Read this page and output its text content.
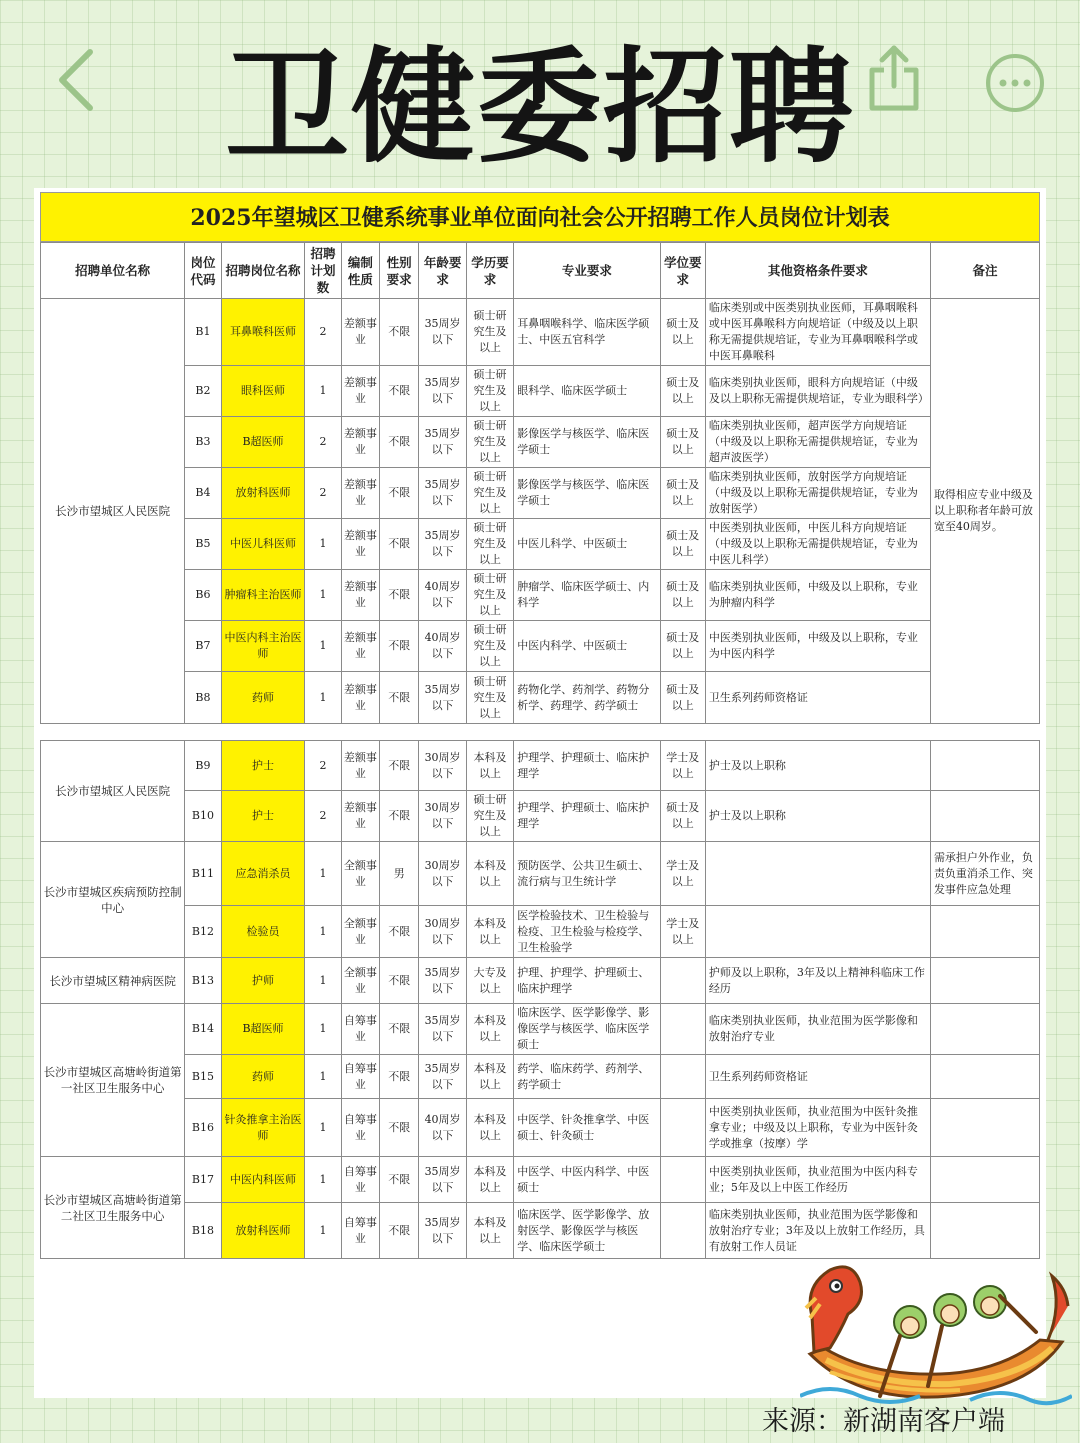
卫健委招聘
2025年望城区卫健系统事业单位面向社会公开招聘工作人员岗位计划表
招聘单位名称	岗位代码	招聘岗位名称	招聘计划数	编制性质	性别要求	年龄要求	学历要求	专业要求	学位要求	其他资格条件要求	备注
长沙市望城区人民医院	B1	耳鼻喉科医师	2	差额事业	不限	35周岁以下	硕士研究生及以上	耳鼻咽喉科学、临床医学硕士、中医五官科学	硕士及以上	临床类别或中医类别执业医师，耳鼻咽喉科或中医耳鼻喉科方向规培证（中级及以上职称无需提供规培证，专业为耳鼻咽喉科学或中医耳鼻喉科	取得相应专业中级及以上职称者年龄可放宽至40周岁。
	B2	眼科医师	1	差额事业	不限	35周岁以下	硕士研究生及以上	眼科学、临床医学硕士	硕士及以上	临床类别执业医师，眼科方向规培证（中级及以上职称无需提供规培证，专业为眼科学）	
	B3	B超医师	2	差额事业	不限	35周岁以下	硕士研究生及以上	影像医学与核医学、临床医学硕士	硕士及以上	临床类别执业医师，超声医学方向规培证（中级及以上职称无需提供规培证，专业为超声波医学）	
	B4	放射科医师	2	差额事业	不限	35周岁以下	硕士研究生及以上	影像医学与核医学、临床医学硕士	硕士及以上	临床类别执业医师，放射医学方向规培证（中级及以上职称无需提供规培证，专业为放射医学）	
	B5	中医儿科医师	1	差额事业	不限	35周岁以下	硕士研究生及以上	中医儿科学、中医硕士	硕士及以上	中医类别执业医师，中医儿科方向规培证（中级及以上职称无需提供规培证，专业为中医儿科学）	
	B6	肿瘤科主治医师	1	差额事业	不限	40周岁以下	硕士研究生及以上	肿瘤学、临床医学硕士、内科学	硕士及以上	临床类别执业医师，中级及以上职称，专业为肿瘤内科学	
	B7	中医内科主治医师	1	差额事业	不限	40周岁以下	硕士研究生及以上	中医内科学、中医硕士	硕士及以上	中医类别执业医师，中级及以上职称，专业为中医内科学	
	B8	药师	1	差额事业	不限	35周岁以下	硕士研究生及以上	药物化学、药剂学、药物分析学、药理学、药学硕士	硕士及以上	卫生系列药师资格证	
长沙市望城区人民医院	B9	护士	2	差额事业	不限	30周岁以下	本科及以上	护理学、护理硕士、临床护理学	学士及以上	护士及以上职称	
	B10	护士	2	差额事业	不限	30周岁以下	硕士研究生及以上	护理学、护理硕士、临床护理学	硕士及以上	护士及以上职称	
长沙市望城区疾病预防控制中心	B11	应急消杀员	1	全额事业	男	30周岁以下	本科及以上	预防医学、公共卫生硕士、流行病与卫生统计学	学士及以上		需承担户外作业，负责负重消杀工作、突发事件应急处理
	B12	检验员	1	全额事业	不限	30周岁以下	本科及以上	医学检验技术、卫生检验与检疫、卫生检验与检疫学、卫生检验学	学士及以上		
长沙市望城区精神病医院	B13	护师	1	全额事业	不限	35周岁以下	大专及以上	护理、护理学、护理硕士、临床护理学		护师及以上职称，3年及以上精神科临床工作经历	
长沙市望城区高塘岭街道第一社区卫生服务中心	B14	B超医师	1	自筹事业	不限	35周岁以下	本科及以上	临床医学、医学影像学、影像医学与核医学、临床医学硕士		临床类别执业医师，执业范围为医学影像和放射治疗专业	
	B15	药师	1	自筹事业	不限	35周岁以下	本科及以上	药学、临床药学、药剂学、药学硕士		卫生系列药师资格证	
	B16	针灸推拿主治医师	1	自筹事业	不限	40周岁以下	本科及以上	中医学、针灸推拿学、中医硕士、针灸硕士		中医类别执业医师，执业范围为中医针灸推拿专业；中级及以上职称，专业为中医针灸学或推拿（按摩）学	
长沙市望城区高塘岭街道第二社区卫生服务中心	B17	中医内科医师	1	自筹事业	不限	35周岁以下	本科及以上	中医学、中医内科学、中医硕士		中医类别执业医师，执业范围为中医内科专业；5年及以上中医工作经历	
	B18	放射科医师	1	自筹事业	不限	35周岁以下	本科及以上	临床医学、医学影像学、放射医学、影像医学与核医学、临床医学硕士		临床类别执业医师，执业范围为医学影像和放射治疗专业；3年及以上放射工作经历，具有放射工作人员证	
来源：新湖南客户端
